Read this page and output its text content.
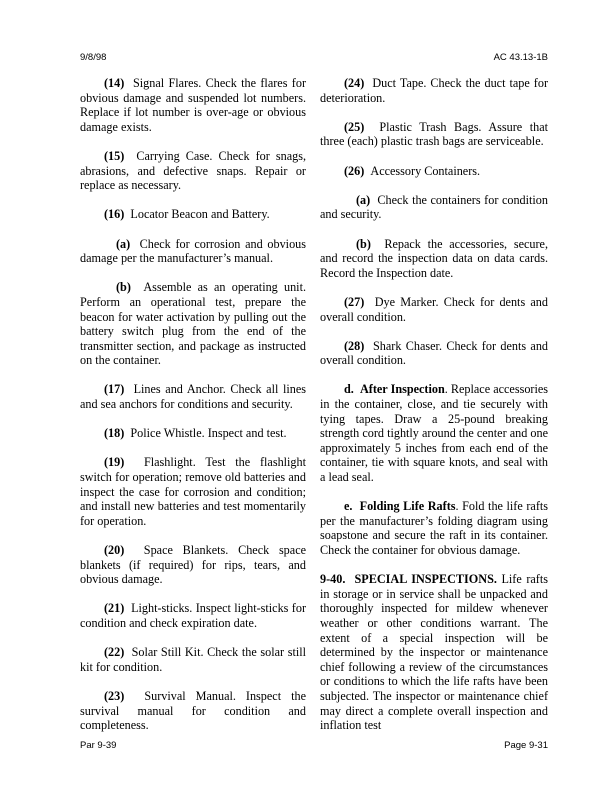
9/8/98	AC 43.13-1B

(14) Signal Flares. Check the flares for obvious damage and suspended lot numbers. Replace if lot number is over-age or obvious damage exists.

(15) Carrying Case. Check for snags, abrasions, and defective snaps. Repair or replace as necessary.

(16) Locator Beacon and Battery.

(a) Check for corrosion and obvious damage per the manufacturer’s manual.

(b) Assemble as an operating unit. Perform an operational test, prepare the beacon for water activation by pulling out the battery switch plug from the end of the transmitter section, and package as instructed on the container.

(17) Lines and Anchor. Check all lines and sea anchors for conditions and security.

(18) Police Whistle. Inspect and test.

(19) Flashlight. Test the flashlight switch for operation; remove old batteries and inspect the case for corrosion and condition; and install new batteries and test momentarily for operation.

(20) Space Blankets. Check space blankets (if required) for rips, tears, and obvious damage.

(21) Light-sticks. Inspect light-sticks for condition and check expiration date.

(22) Solar Still Kit. Check the solar still kit for condition.

(23) Survival Manual. Inspect the survival manual for condition and completeness.

(24) Duct Tape. Check the duct tape for deterioration.

(25) Plastic Trash Bags. Assure that three (each) plastic trash bags are serviceable.

(26) Accessory Containers.

(a) Check the containers for condition and security.

(b) Repack the accessories, secure, and record the inspection data on data cards. Record the Inspection date.

(27) Dye Marker. Check for dents and overall condition.

(28) Shark Chaser. Check for dents and overall condition.

d. After Inspection. Replace accessories in the container, close, and tie securely with tying tapes. Draw a 25-pound breaking strength cord tightly around the center and one approximately 5 inches from each end of the container, tie with square knots, and seal with a lead seal.

e. Folding Life Rafts. Fold the life rafts per the manufacturer’s folding diagram using soapstone and secure the raft in its container. Check the container for obvious damage.

9-40. SPECIAL INSPECTIONS. Life rafts in storage or in service shall be unpacked and thoroughly inspected for mildew whenever weather or other conditions warrant. The extent of a special inspection will be determined by the inspector or maintenance chief following a review of the circumstances or conditions to which the life rafts have been subjected. The inspector or maintenance chief may direct a complete overall inspection and inflation test

Par 9-39	Page 9-31
